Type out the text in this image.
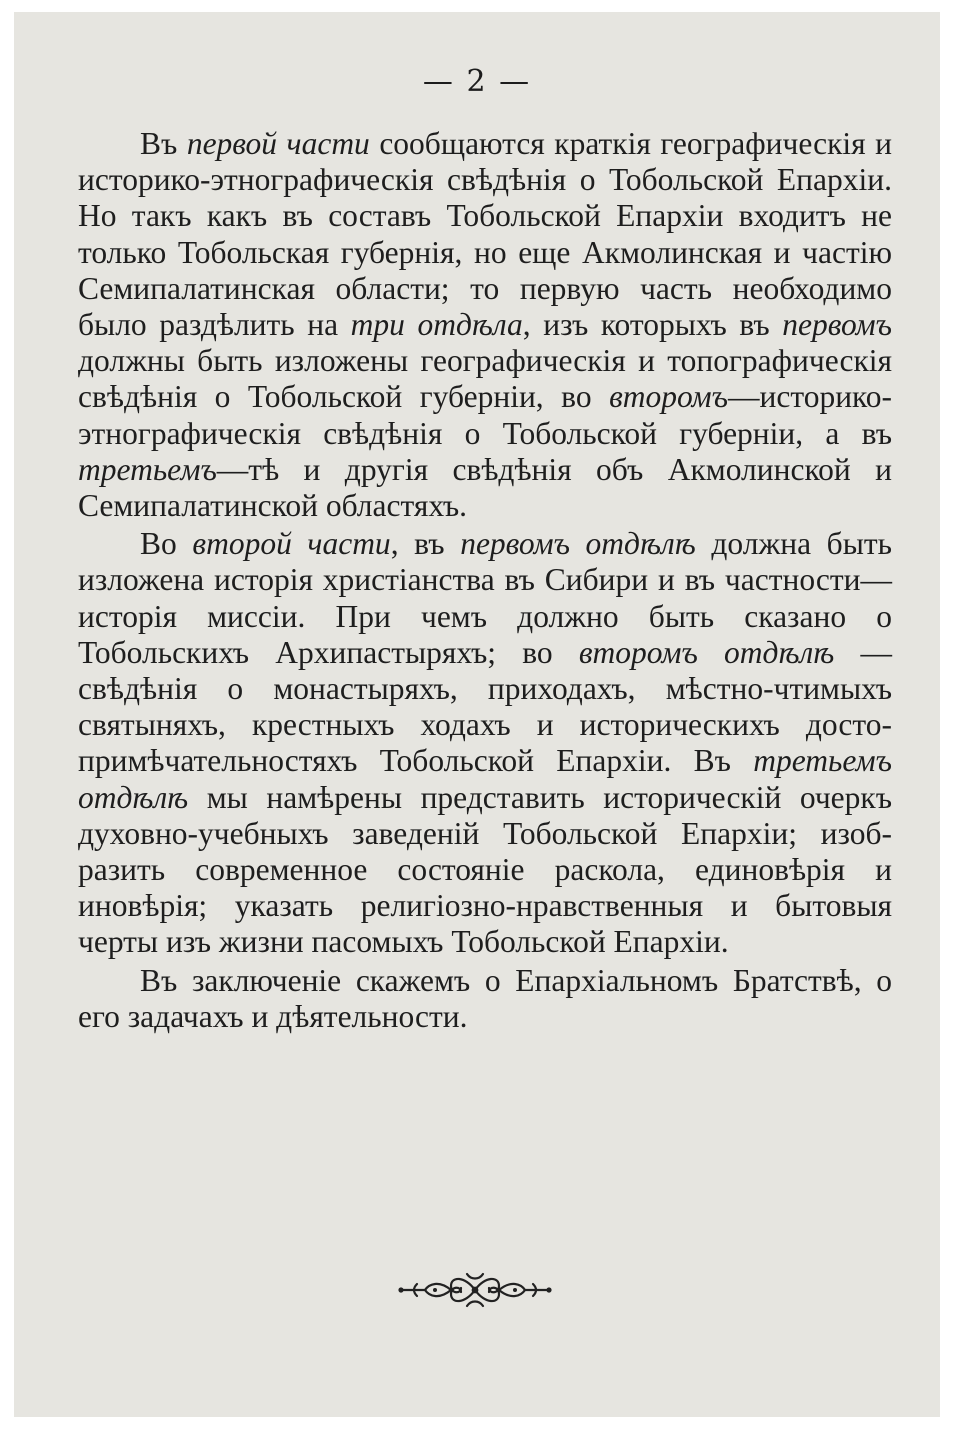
— 2 —

Въ первой части сообщаются краткія географическія и историко-этнографическія свѣдѣнія о Тобольской Епархіи. Но такъ какъ въ составъ Тобольской Епархіи входитъ не только Тобольская губернія, но еще Акмолинская и частію Семипалатинская области; то первую часть необходимо было раздѣлить на три отдѣла, изъ которыхъ въ первомъ должны быть изложены географическія и топографическія свѣдѣнія о Тобольской губерніи, во второмъ—историко-этнографическія свѣдѣнія о Тобольской губерніи, а въ третьемъ—тѣ и другія свѣдѣнія объ Акмолинской и Семипалатинской областяхъ.

Во второй части, въ первомъ отдѣлѣ должна быть изложена исторія христіанства въ Сибири и въ частности—исторія миссіи. При чемъ должно быть сказано о Тобольскихъ Архипастыряхъ; во второмъ отдѣлѣ —свѣдѣнія о монастыряхъ, приходахъ, мѣстно-чтимыхъ святыняхъ, крестныхъ ходахъ и историческихъ достопримѣчательностяхъ Тобольской Епархіи. Въ третьемъ отдѣлѣ мы намѣрены представить историческій очеркъ духовно-учебныхъ заведеній Тобольской Епархіи; изобразить современное состояніе раскола, единовѣрія и иновѣрія; указать религіозно-нравственныя и бытовыя черты изъ жизни пасомыхъ Тобольской Епархіи.

Въ заключеніе скажемъ о Епархіальномъ Братствѣ, о его задачахъ и дѣятельности.
